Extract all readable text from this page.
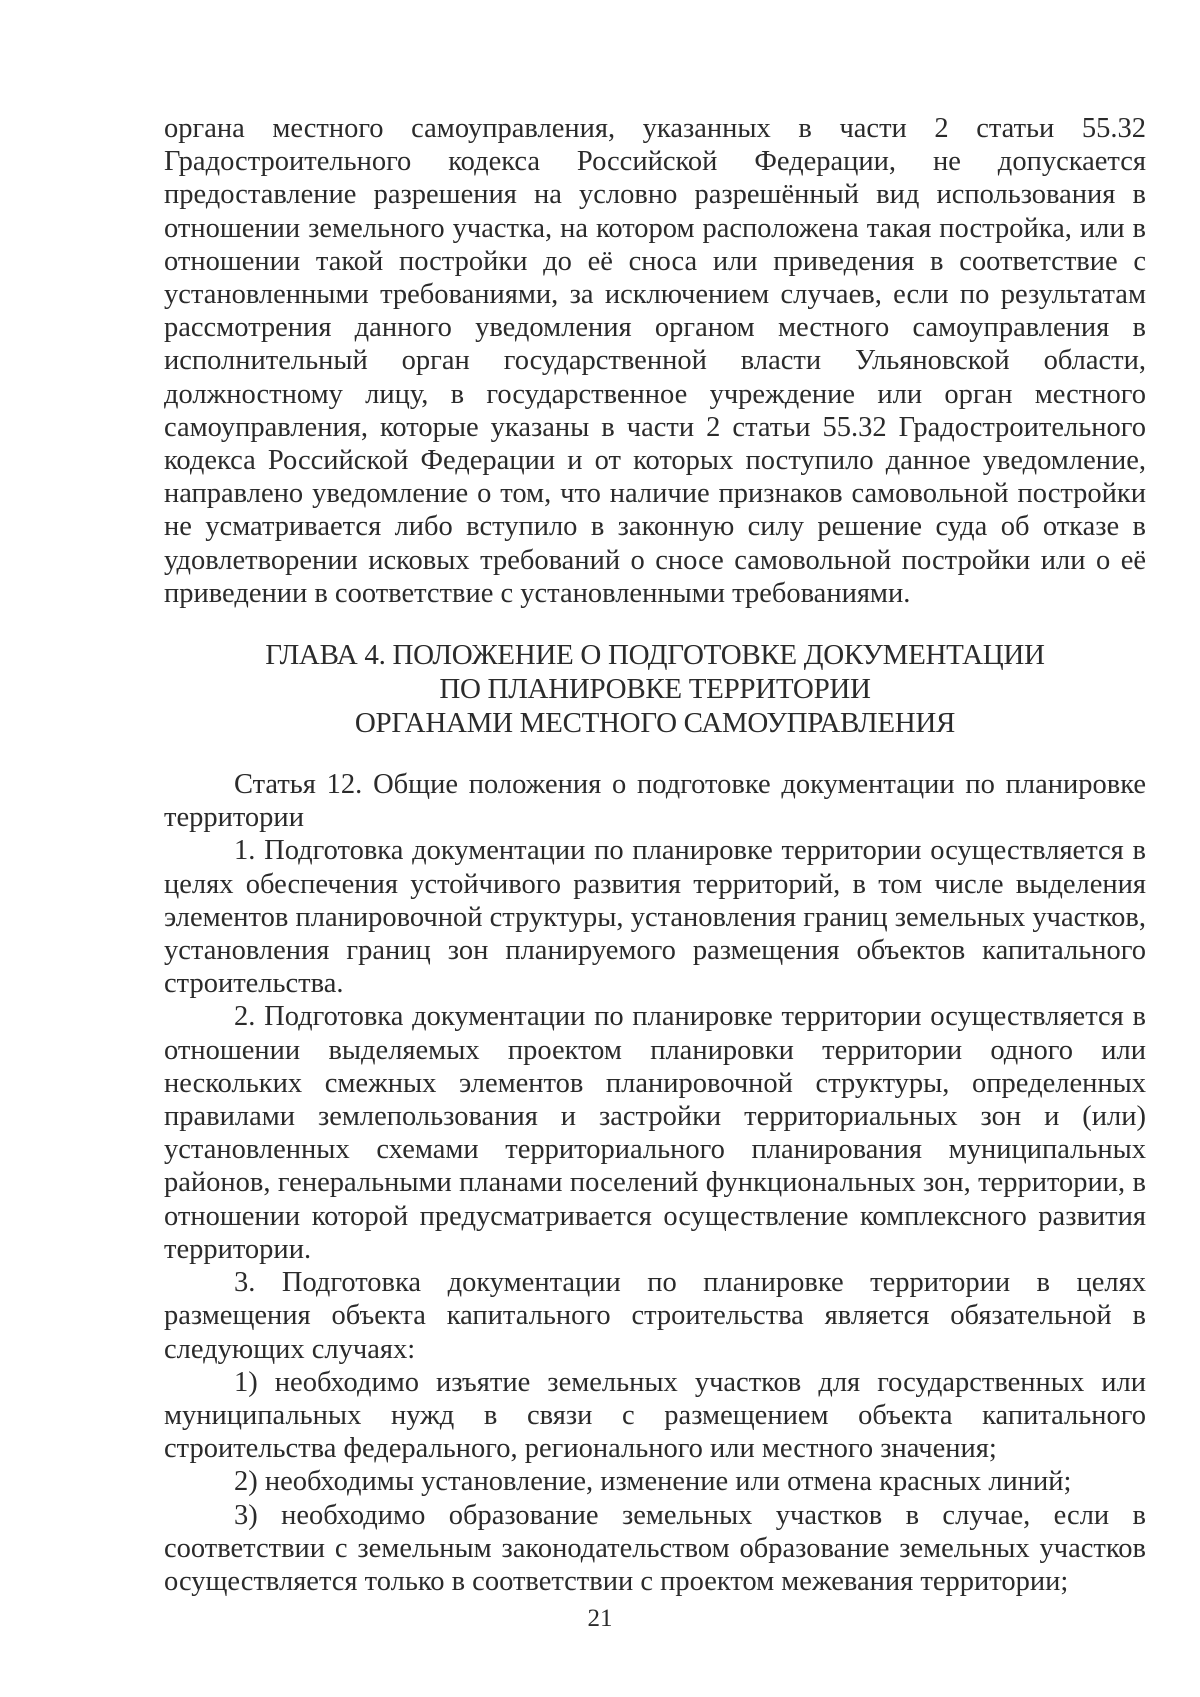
органа местного самоуправления, указанных в части 2 статьи 55.32 Градостроительного кодекса Российской Федерации, не допускается предоставление разрешения на условно разрешённый вид использования в отношении земельного участка, на котором расположена такая постройка, или в отношении такой постройки до её сноса или приведения в соответствие с установленными требованиями, за исключением случаев, если по результатам рассмотрения данного уведомления органом местного самоуправления в исполнительный орган государственной власти Ульяновской области, должностному лицу, в государственное учреждение или орган местного самоуправления, которые указаны в части 2 статьи 55.32 Градостроительного кодекса Российской Федерации и от которых поступило данное уведомление, направлено уведомление о том, что наличие признаков самовольной постройки не усматривается либо вступило в законную силу решение суда об отказе в удовлетворении исковых требований о сносе самовольной постройки или о её приведении в соответствие с установленными требованиями.

ГЛАВА 4. ПОЛОЖЕНИЕ О ПОДГОТОВКЕ ДОКУМЕНТАЦИИ
ПО ПЛАНИРОВКЕ ТЕРРИТОРИИ
ОРГАНАМИ МЕСТНОГО САМОУПРАВЛЕНИЯ

Статья 12. Общие положения о подготовке документации по планировке территории

1. Подготовка документации по планировке территории осуществляется в целях обеспечения устойчивого развития территорий, в том числе выделения элементов планировочной структуры, установления границ земельных участков, установления границ зон планируемого размещения объектов капитального строительства.

2. Подготовка документации по планировке территории осуществляется в отношении выделяемых проектом планировки территории одного или нескольких смежных элементов планировочной структуры, определенных правилами землепользования и застройки территориальных зон и (или) установленных схемами территориального планирования муниципальных районов, генеральными планами поселений функциональных зон, территории, в отношении которой предусматривается осуществление комплексного развития территории.

3. Подготовка документации по планировке территории в целях размещения объекта капитального строительства является обязательной в следующих случаях:

1) необходимо изъятие земельных участков для государственных или муниципальных нужд в связи с размещением объекта капитального строительства федерального, регионального или местного значения;

2) необходимы установление, изменение или отмена красных линий;

3) необходимо образование земельных участков в случае, если в соответствии с земельным законодательством образование земельных участков осуществляется только в соответствии с проектом межевания территории;

21
